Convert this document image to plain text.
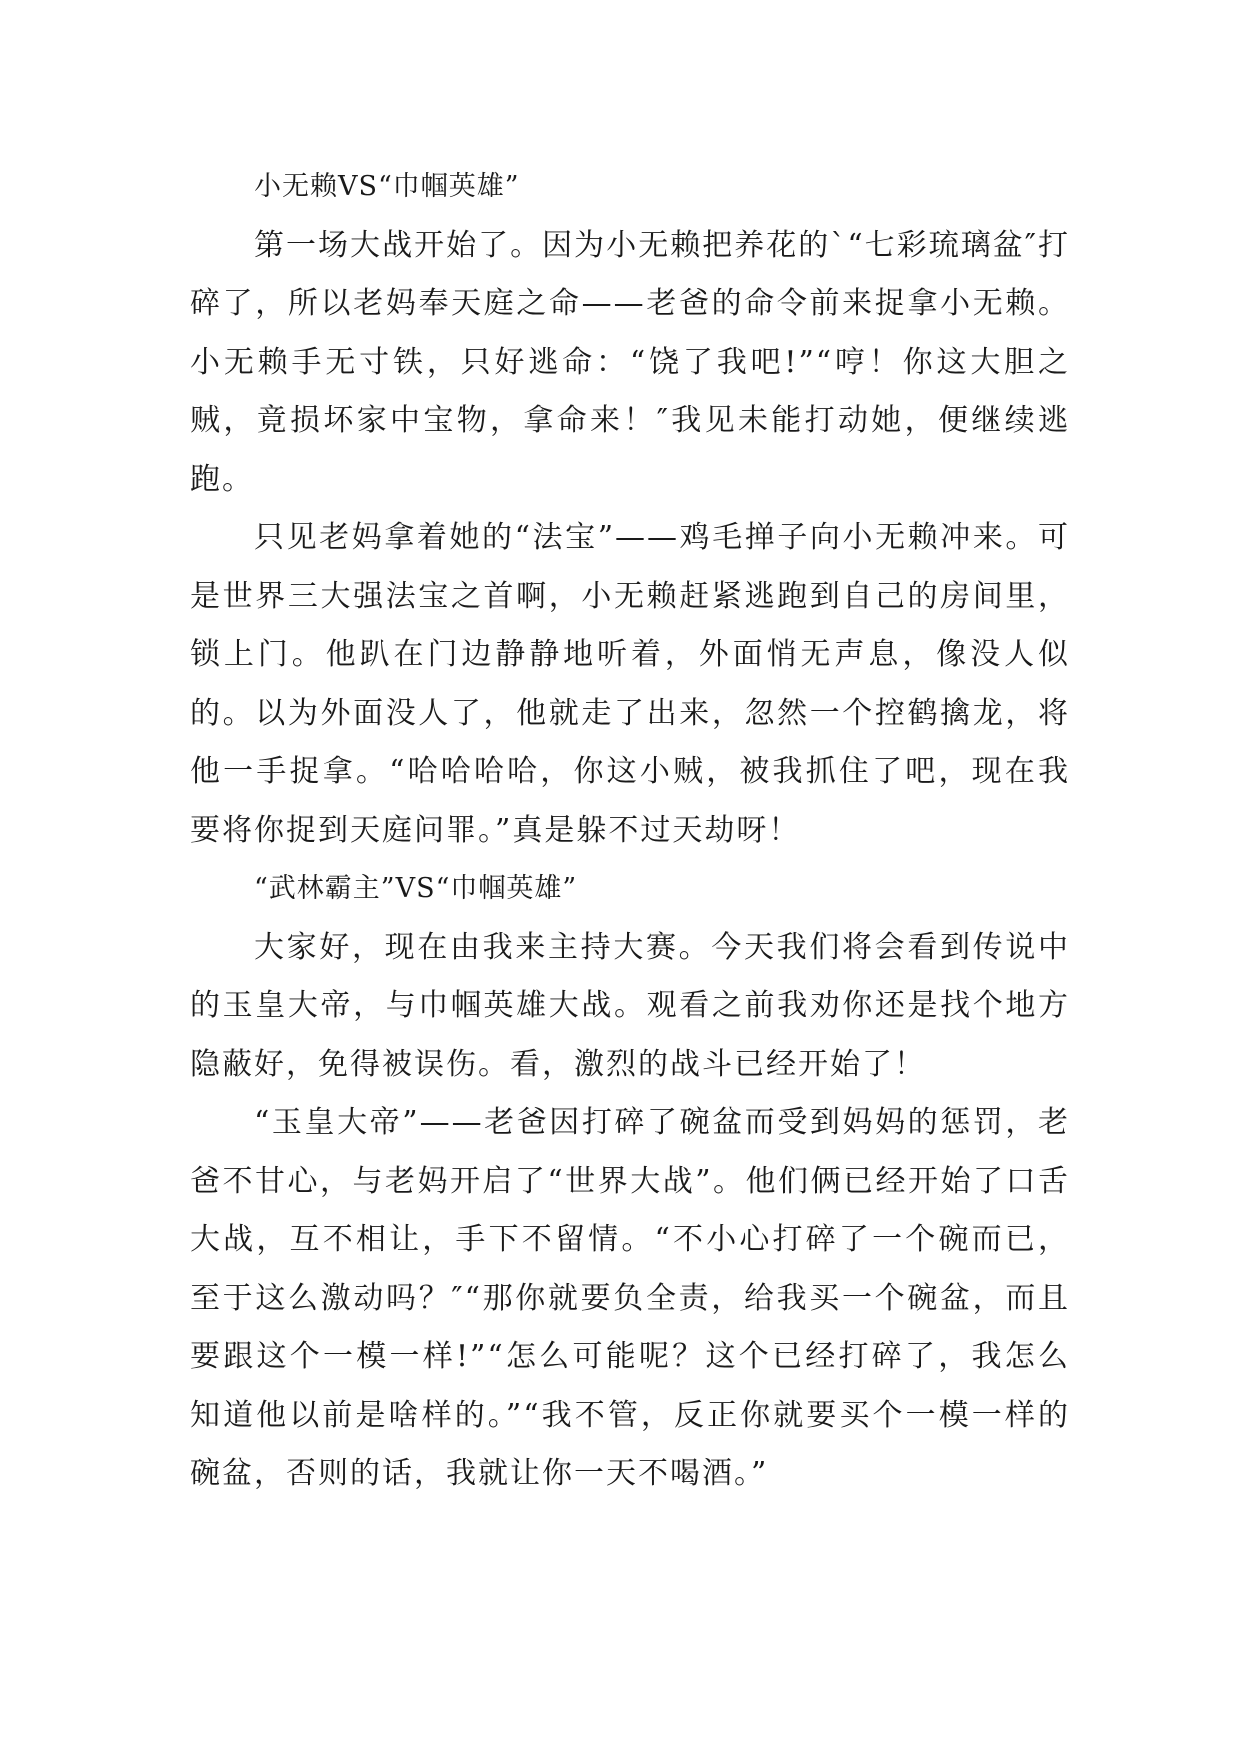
小无赖VS“巾帼英雄”

第一场大战开始了。因为小无赖把养花的`“七彩琉璃盆″打碎了，所以老妈奉天庭之命——老爸的命令前来捉拿小无赖。小无赖手无寸铁，只好逃命：“饶了我吧!”“哼！你这大胆之贼，竟损坏家中宝物，拿命来！″我见未能打动她，便继续逃跑。

只见老妈拿着她的“法宝”——鸡毛掸子向小无赖冲来。可是世界三大强法宝之首啊，小无赖赶紧逃跑到自己的房间里，锁上门。他趴在门边静静地听着，外面悄无声息，像没人似的。以为外面没人了，他就走了出来，忽然一个控鹤擒龙，将他一手捉拿。“哈哈哈哈，你这小贼，被我抓住了吧，现在我要将你捉到天庭问罪。”真是躲不过天劫呀！

“武林霸主”VS“巾帼英雄”

大家好，现在由我来主持大赛。今天我们将会看到传说中的玉皇大帝，与巾帼英雄大战。观看之前我劝你还是找个地方隐蔽好，免得被误伤。看，激烈的战斗已经开始了！

“玉皇大帝”——老爸因打碎了碗盆而受到妈妈的惩罚，老爸不甘心，与老妈开启了“世界大战”。他们俩已经开始了口舌大战，互不相让，手下不留情。“不小心打碎了一个碗而已，至于这么激动吗？″“那你就要负全责，给我买一个碗盆，而且要跟这个一模一样!”“怎么可能呢？这个已经打碎了，我怎么知道他以前是啥样的。”“我不管，反正你就要买个一模一样的碗盆，否则的话，我就让你一天不喝酒。”
